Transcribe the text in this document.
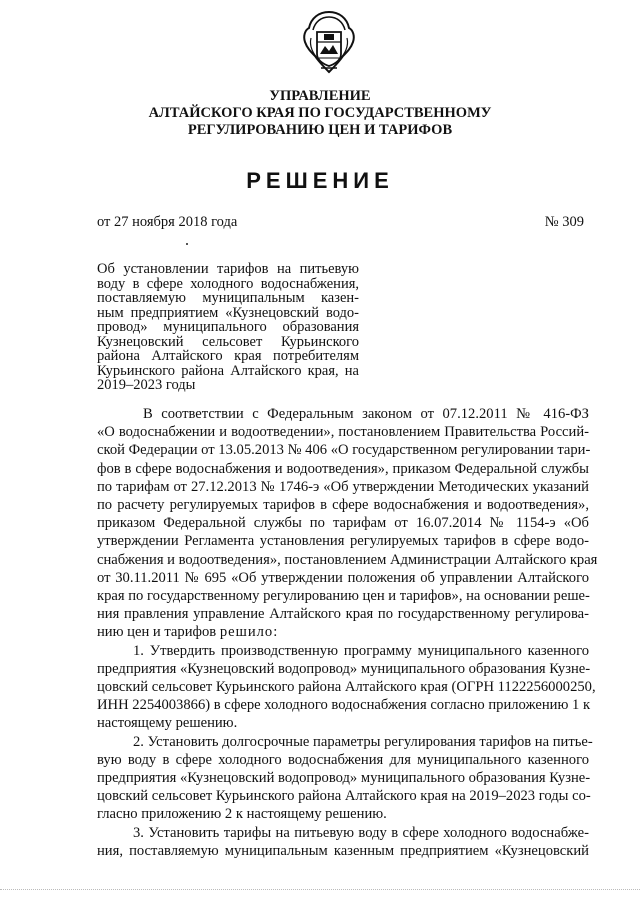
УПРАВЛЕНИЕ
АЛТАЙСКОГО КРАЯ ПО ГОСУДАРСТВЕННОМУ
РЕГУЛИРОВАНИЮ ЦЕН И ТАРИФОВ
РЕШЕНИЕ
от 27 ноября 2018 года	№ 309
Об установлении тарифов на питьевую
воду в сфере холодного водоснабжения,
поставляемую муниципальным казен-
ным предприятием «Кузнецовский водо-
провод» муниципального образования
Кузнецовский сельсовет Курьинского
района Алтайского края потребителям
Курьинского района Алтайского края, на
2019–2023 годы
В соответствии с Федеральным законом от 07.12.2011 № 416-ФЗ
«О водоснабжении и водоотведении», постановлением Правительства Россий-
ской Федерации от 13.05.2013 № 406 «О государственном регулировании тари-
фов в сфере водоснабжения и водоотведения», приказом Федеральной службы
по тарифам от 27.12.2013 № 1746-э «Об утверждении Методических указаний
по расчету регулируемых тарифов в сфере водоснабжения и водоотведения»,
приказом Федеральной службы по тарифам от 16.07.2014 № 1154-э «Об
утверждении Регламента установления регулируемых тарифов в сфере водо-
снабжения и водоотведения», постановлением Администрации Алтайского края
от 30.11.2011 № 695 «Об утверждении положения об управлении Алтайского
края по государственному регулированию цен и тарифов», на основании реше-
ния правления управление Алтайского края по государственному регулирова-
нию цен и тарифов решило:
1. Утвердить производственную программу муниципального казенного
предприятия «Кузнецовский водопровод» муниципального образования Кузне-
цовский сельсовет Курьинского района Алтайского края (ОГРН 1122256000250,
ИНН 2254003866) в сфере холодного водоснабжения согласно приложению 1 к
настоящему решению.
2. Установить долгосрочные параметры регулирования тарифов на питье-
вую воду в сфере холодного водоснабжения для муниципального казенного
предприятия «Кузнецовский водопровод» муниципального образования Кузне-
цовский сельсовет Курьинского района Алтайского края на 2019–2023 годы со-
гласно приложению 2 к настоящему решению.
3. Установить тарифы на питьевую воду в сфере холодного водоснабже-
ния, поставляемую муниципальным казенным предприятием «Кузнецовский
